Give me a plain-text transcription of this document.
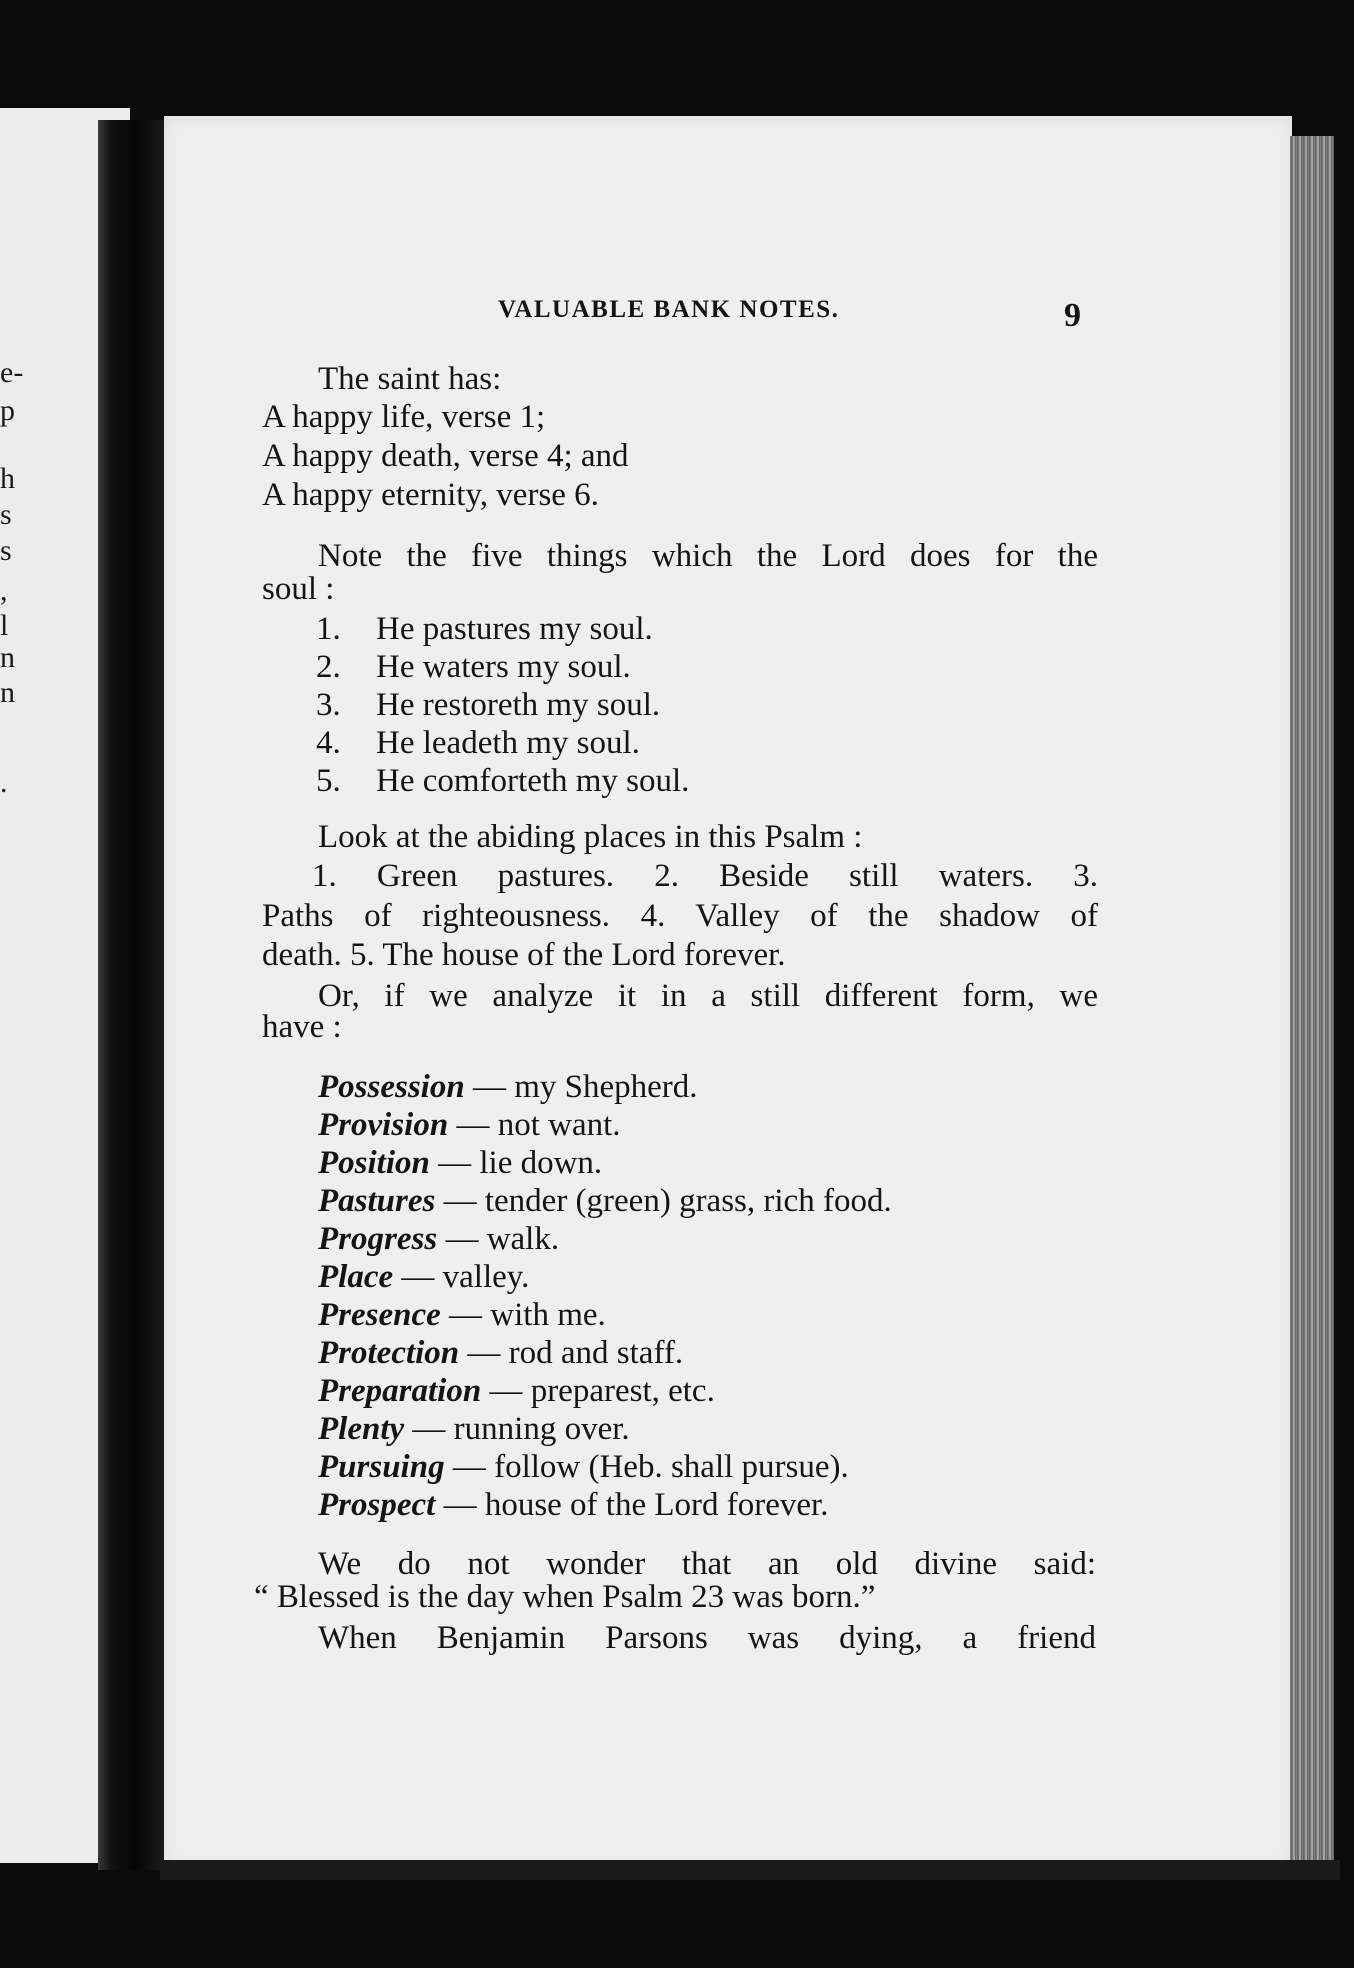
e-
p
h
s
s
,
l
n
n
.
VALUABLE BANK NOTES.	9
The saint has:
A happy life, verse 1;
A happy death, verse 4; and
A happy eternity, verse 6.
Note the five things which the Lord does for the
soul :
1. He pastures my soul.
2. He waters my soul.
3. He restoreth my soul.
4. He leadeth my soul.
5. He comforteth my soul.
Look at the abiding places in this Psalm :
1. Green pastures. 2. Beside still waters. 3.
Paths of righteousness. 4. Valley of the shadow of
death. 5. The house of the Lord forever.
Or, if we analyze it in a still different form, we
have :
Possession — my Shepherd.
Provision — not want.
Position — lie down.
Pastures — tender (green) grass, rich food.
Progress — walk.
Place — valley.
Presence — with me.
Protection — rod and staff.
Preparation — preparest, etc.
Plenty — running over.
Pursuing — follow (Heb. shall pursue).
Prospect — house of the Lord forever.
We do not wonder that an old divine said:
“ Blessed is the day when Psalm 23 was born.”
When Benjamin Parsons was dying, a friend
